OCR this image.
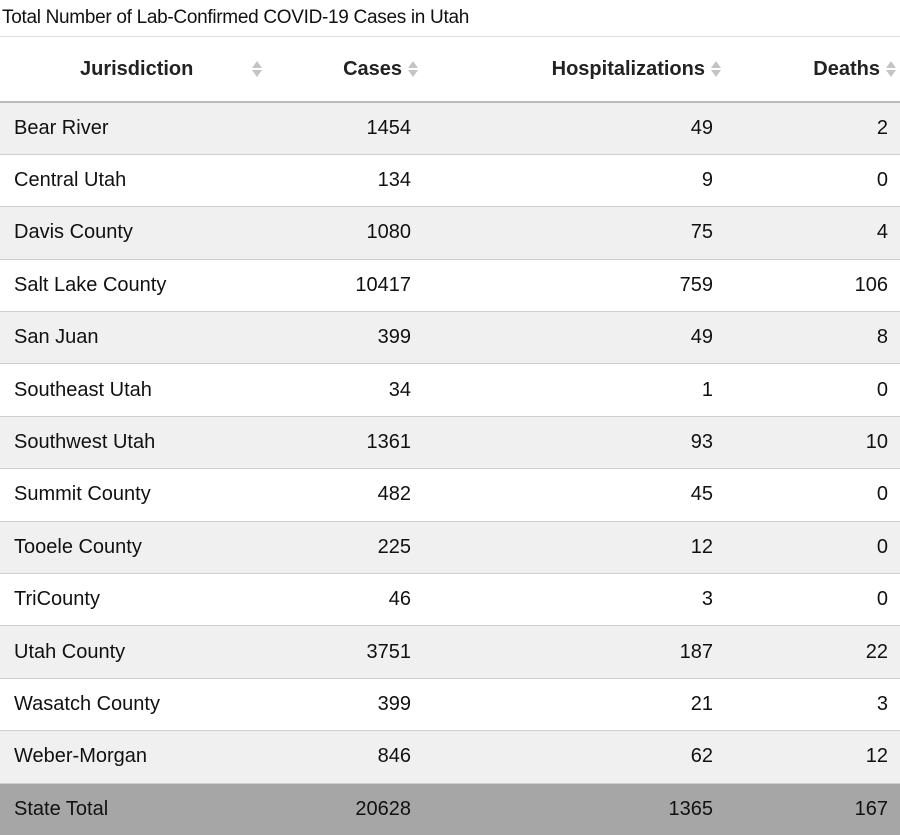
Total Number of Lab-Confirmed COVID-19 Cases in Utah
Jurisdiction	Cases	Hospitalizations	Deaths

Bear River	1454	49	2
Central Utah	134	9	0
Davis County	1080	75	4
Salt Lake County	10417	759	106
San Juan	399	49	8
Southeast Utah	34	1	0
Southwest Utah	1361	93	10
Summit County	482	45	0
Tooele County	225	12	0
TriCounty	46	3	0
Utah County	3751	187	22
Wasatch County	399	21	3
Weber-Morgan	846	62	12
State Total	20628	1365	167
